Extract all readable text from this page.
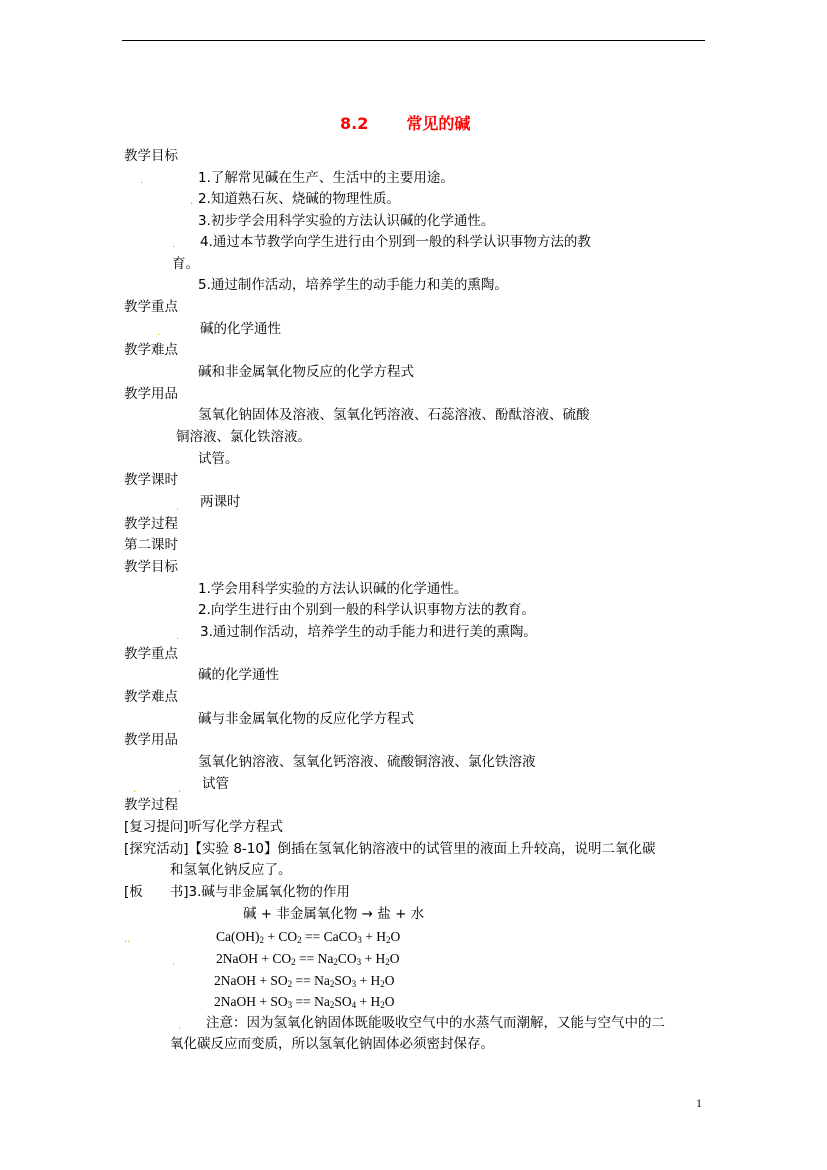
8.2 常见的碱
.
.
.
.
.
.
.	.
..
.
.
教学目标
1.了解常见碱在生产、生活中的主要用途。
2.知道熟石灰、烧碱的物理性质。
3.初步学会用科学实验的方法认识碱的化学通性。
4.通过本节教学向学生进行由个别到一般的科学认识事物方法的教
育。
5.通过制作活动，培养学生的动手能力和美的熏陶。
教学重点
碱的化学通性
教学难点
碱和非金属氧化物反应的化学方程式
教学用品
氢氧化钠固体及溶液、氢氧化钙溶液、石蕊溶液、酚酞溶液、硫酸
铜溶液、氯化铁溶液。
试管。
教学课时
两课时
教学过程
第二课时
教学目标
1.学会用科学实验的方法认识碱的化学通性。
2.向学生进行由个别到一般的科学认识事物方法的教育。
3.通过制作活动，培养学生的动手能力和进行美的熏陶。
教学重点
碱的化学通性
教学难点
碱与非金属氧化物的反应化学方程式
教学用品
氢氧化钠溶液、氢氧化钙溶液、硫酸铜溶液、氯化铁溶液
试管
教学过程
[复习提问]听写化学方程式
[探究活动]【实验 8-10】倒插在氢氧化钠溶液中的试管里的液面上升较高，说明二氧化碳
和氢氧化钠反应了。
[板　　书]3.碱与非金属氧化物的作用
碱 + 非金属氧化物 → 盐 + 水
$Ca(OH)_2 + CO_2$ == CaCO$_3$ + $H_2O$
2NaOH + $CO_2 == Na_2CO_3 + H_2O$
2NaOH + $SO_2 == Na_2SO_3 + H_2O$
2NaOH + $SO_3 == Na_2SO_4 + H_2O$
注意：因为氢氧化钠固体既能吸收空气中的水蒸气而潮解，又能与空气中的二
氧化碳反应而变质，所以氢氧化钠固体必须密封保存。
1
